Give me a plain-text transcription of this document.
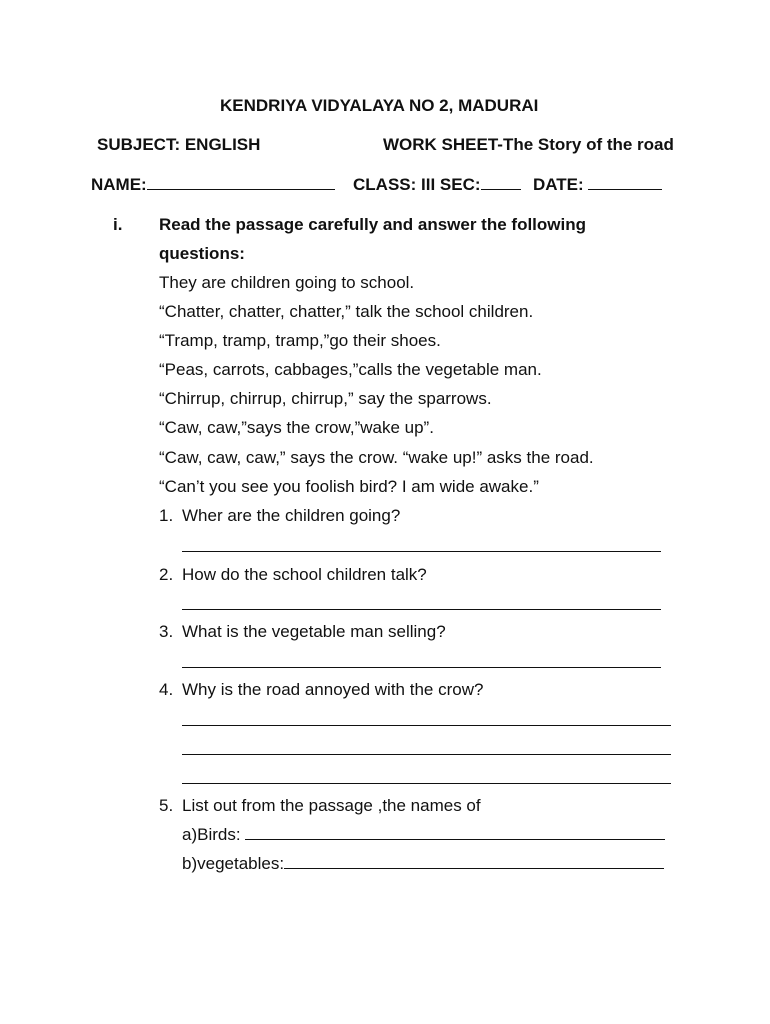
KENDRIYA VIDYALAYA NO 2, MADURAI
SUBJECT: ENGLISH	WORK SHEET-The Story of the road
NAME:	CLASS: III SEC:	DATE:
i. Read the passage carefully and answer the following
questions:
They are children going to school.
“Chatter, chatter, chatter,” talk the school children.
“Tramp, tramp, tramp,”go their shoes.
“Peas, carrots, cabbages,”calls the vegetable man.
“Chirrup, chirrup, chirrup,” say the sparrows.
“Caw, caw,”says the crow,”wake up”.
“Caw, caw, caw,” says the crow. “wake up!” asks the road.
“Can’t you see you foolish bird? I am wide awake.”
1. Wher are the children going?
2. How do the school children talk?
3. What is the vegetable man selling?
4. Why is the road annoyed with the crow?
5. List out from the passage ,the names of
a)Birds:
b)vegetables:
